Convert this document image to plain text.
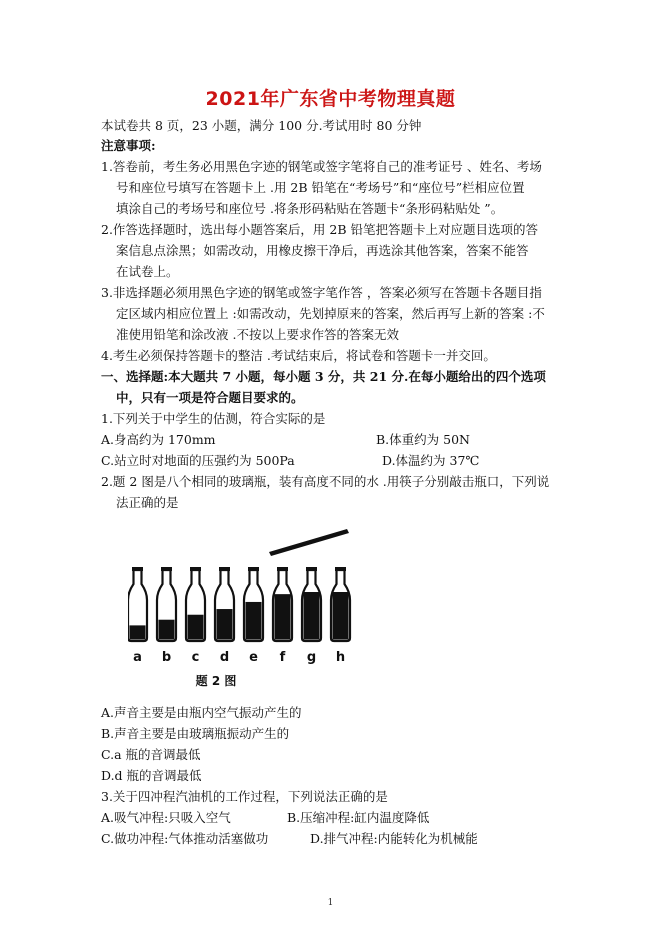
2021年广东省中考物理真题
本试卷共 8 页，23 小题，满分 100 分.考试用时 80 分钟
注意事项:
1.答卷前，考生务必用黑色字迹的钢笔或签字笔将自己的准考证号 、姓名、考场
号和座位号填写在答题卡上 .用 2B 铅笔在“考场号”和“座位号”栏相应位置
填涂自己的考场号和座位号 .将条形码粘贴在答题卡“条形码粘贴处 ”。
2.作答选择题时，选出每小题答案后，用 2B 铅笔把答题卡上对应题目选项的答
案信息点涂黑；如需改动，用橡皮擦干净后，再选涂其他答案，答案不能答
在试卷上。
3.非选择题必须用黑色字迹的钢笔或签字笔作答 ，答案必须写在答题卡各题目指
定区域内相应位置上 :如需改动，先划掉原来的答案，然后再写上新的答案 :不
准使用铅笔和涂改液 .不按以上要求作答的答案无效
4.考生必须保持答题卡的整洁 .考试结束后，将试卷和答题卡一并交回。
一、选择题:本大题共 7 小题，每小题 3 分，共 21 分.在每小题给出的四个选项
中，只有一项是符合题目要求的。
1.下列关于中学生的估测，符合实际的是
A.身高约为 170mm	B.体重约为 50N
C.站立时对地面的压强约为 500Pa	D.体温约为 37℃
2.题 2 图是八个相同的玻璃瓶，装有高度不同的水 .用筷子分别敲击瓶口，下列说
法正确的是
a b c d e f g h
题 2 图
A.声音主要是由瓶内空气振动产生的
B.声音主要是由玻璃瓶振动产生的
C.a 瓶的音调最低
D.d 瓶的音调最低
3.关于四冲程汽油机的工作过程，下列说法正确的是
A.吸气冲程:只吸入空气	B.压缩冲程:缸内温度降低
C.做功冲程:气体推动活塞做功	D.排气冲程:内能转化为机械能
1
